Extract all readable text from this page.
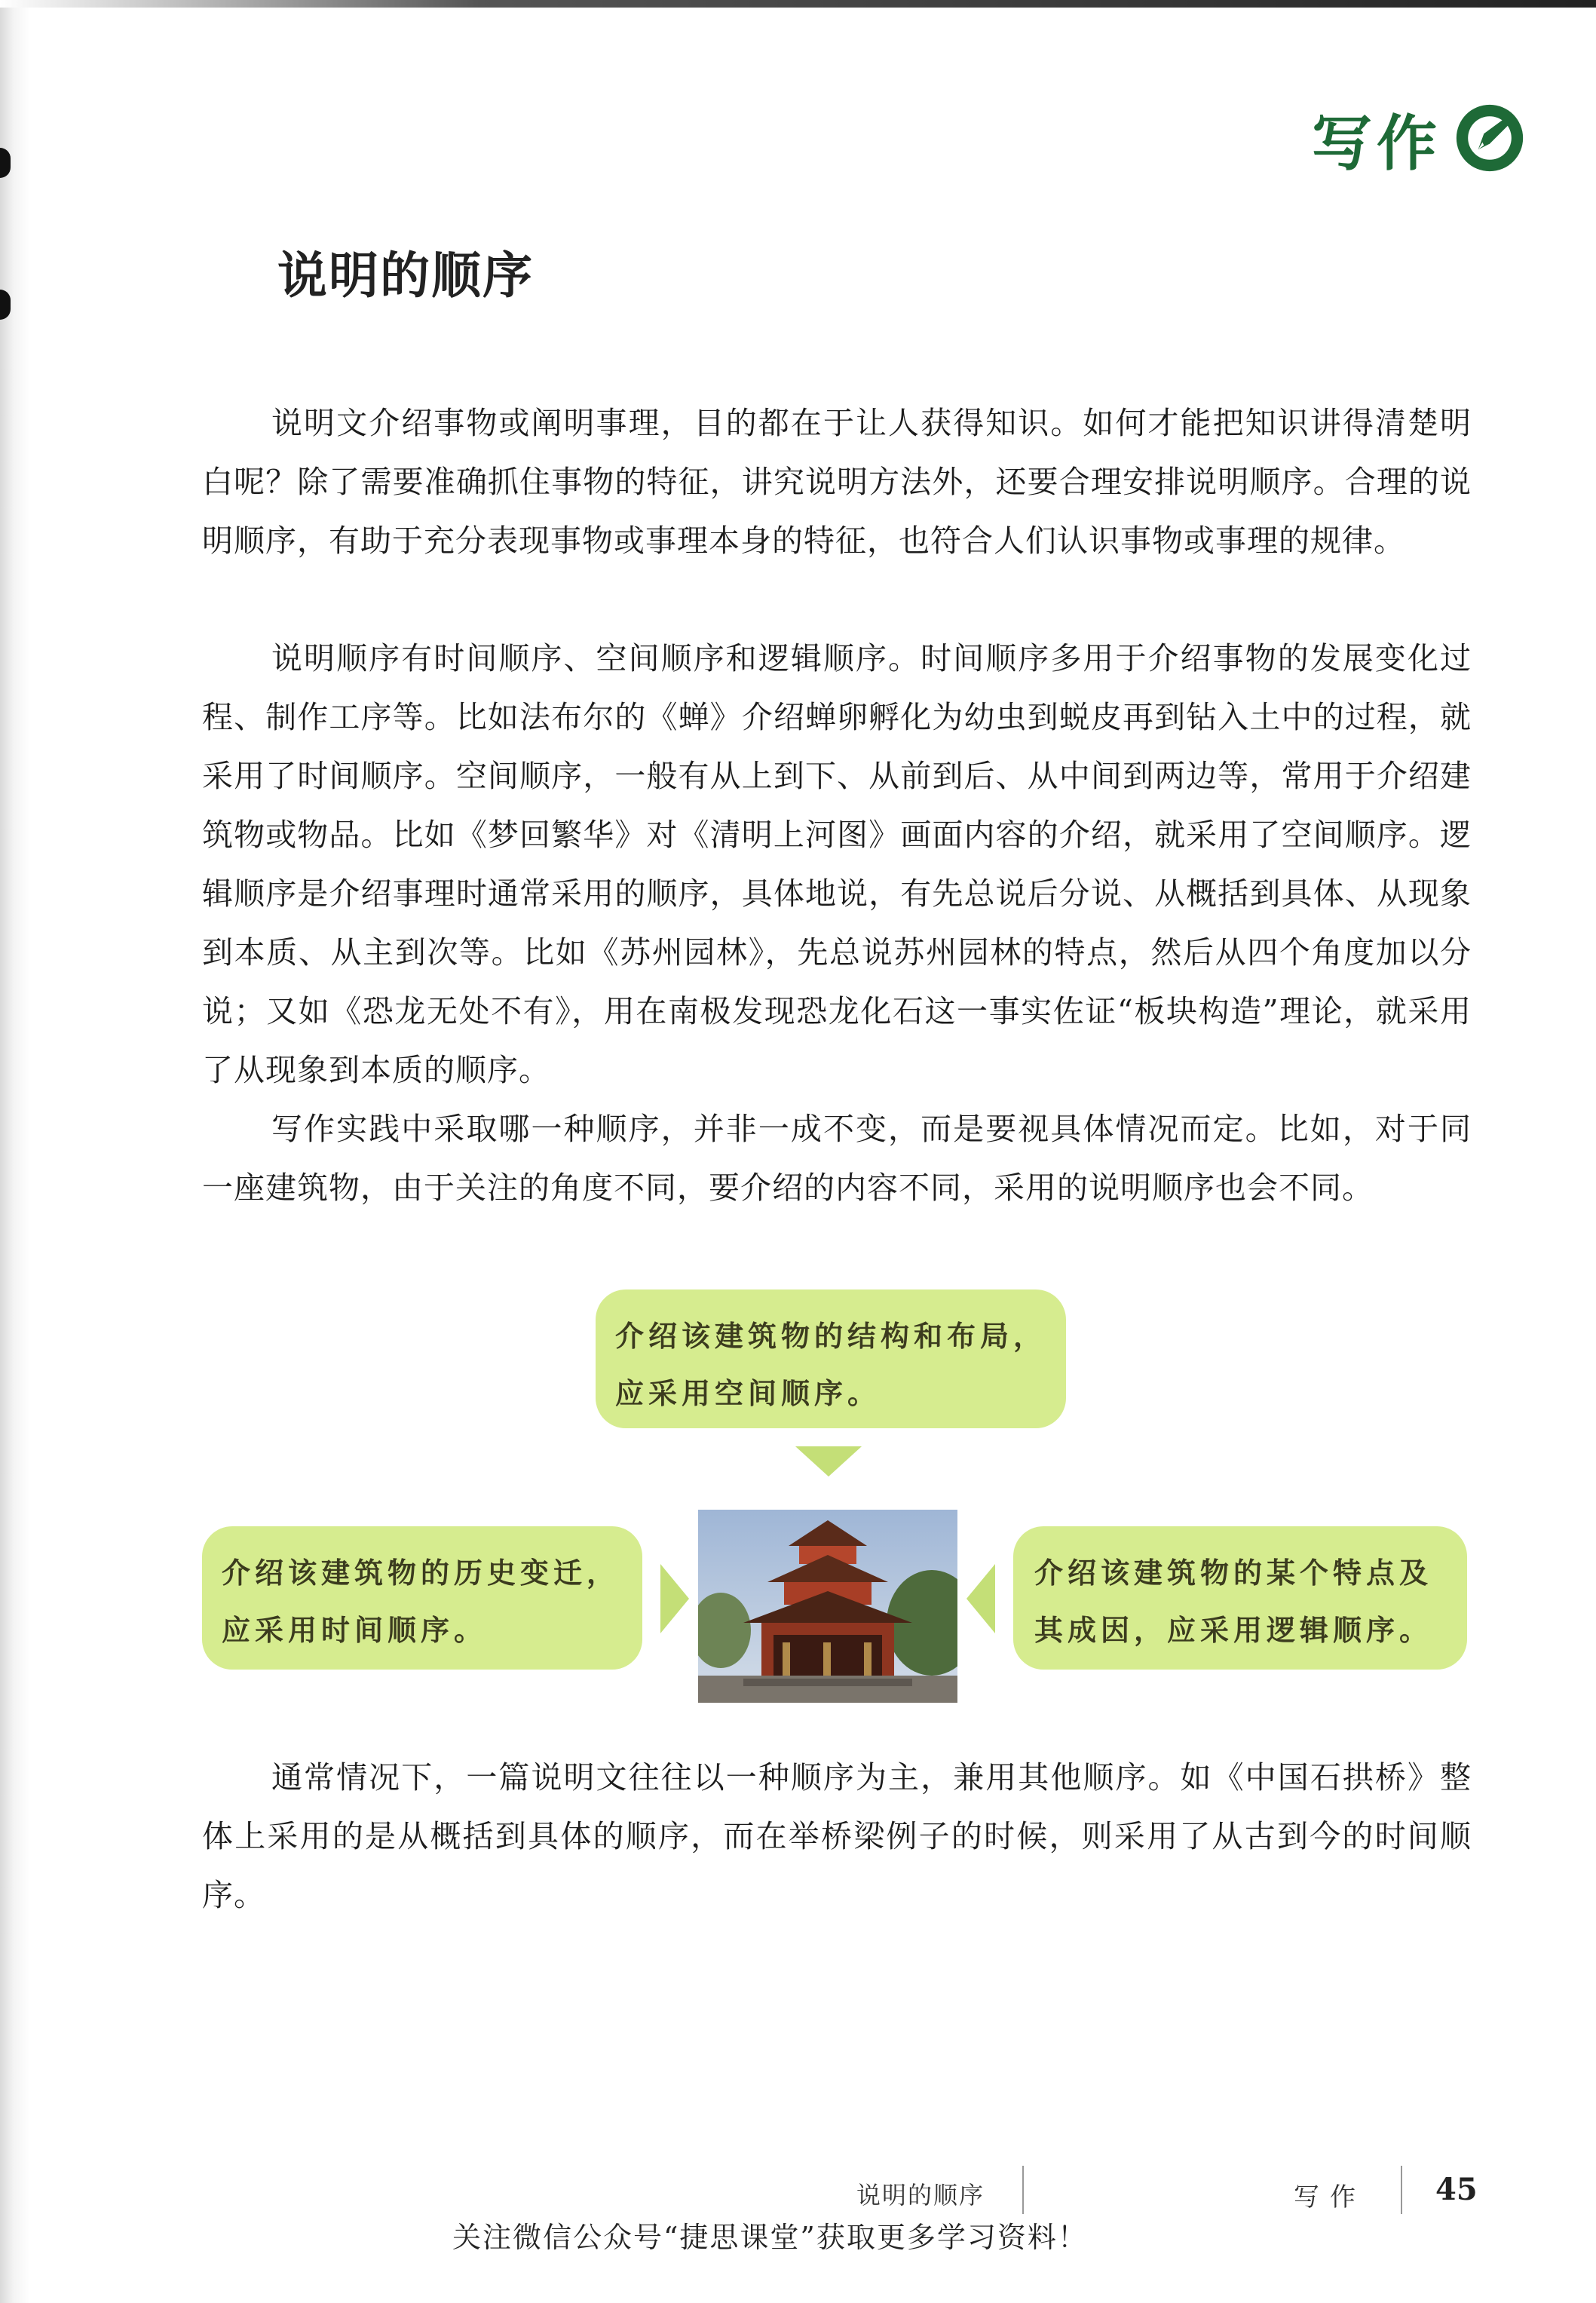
写作
说明的顺序

说明文介绍事物或阐明事理，目的都在于让人获得知识。如何才能把知识讲得清楚明白呢？除了需要准确抓住事物的特征，讲究说明方法外，还要合理安排说明顺序。合理的说明顺序，有助于充分表现事物或事理本身的特征，也符合人们认识事物或事理的规律。

说明顺序有时间顺序、空间顺序和逻辑顺序。时间顺序多用于介绍事物的发展变化过程、制作工序等。比如法布尔的《蝉》介绍蝉卵孵化为幼虫到蜕皮再到钻入土中的过程，就采用了时间顺序。空间顺序，一般有从上到下、从前到后、从中间到两边等，常用于介绍建筑物或物品。比如《梦回繁华》对《清明上河图》画面内容的介绍，就采用了空间顺序。逻辑顺序是介绍事理时通常采用的顺序，具体地说，有先总说后分说、从概括到具体、从现象到本质、从主到次等。比如《苏州园林》，先总说苏州园林的特点，然后从四个角度加以分说；又如《恐龙无处不有》，用在南极发现恐龙化石这一事实佐证“板块构造”理论，就采用了从现象到本质的顺序。

写作实践中采取哪一种顺序，并非一成不变，而是要视具体情况而定。比如，对于同一座建筑物，由于关注的角度不同，要介绍的内容不同，采用的说明顺序也会不同。

介绍该建筑物的结构和布局，
应采用空间顺序。
介绍该建筑物的历史变迁，
应采用时间顺序。
介绍该建筑物的某个特点及
其成因，应采用逻辑顺序。

通常情况下，一篇说明文往往以一种顺序为主，兼用其他顺序。如《中国石拱桥》整体上采用的是从概括到具体的顺序，而在举桥梁例子的时候，则采用了从古到今的时间顺序。

说明的顺序	写作 45
关注微信公众号“捷思课堂”获取更多学习资料！
